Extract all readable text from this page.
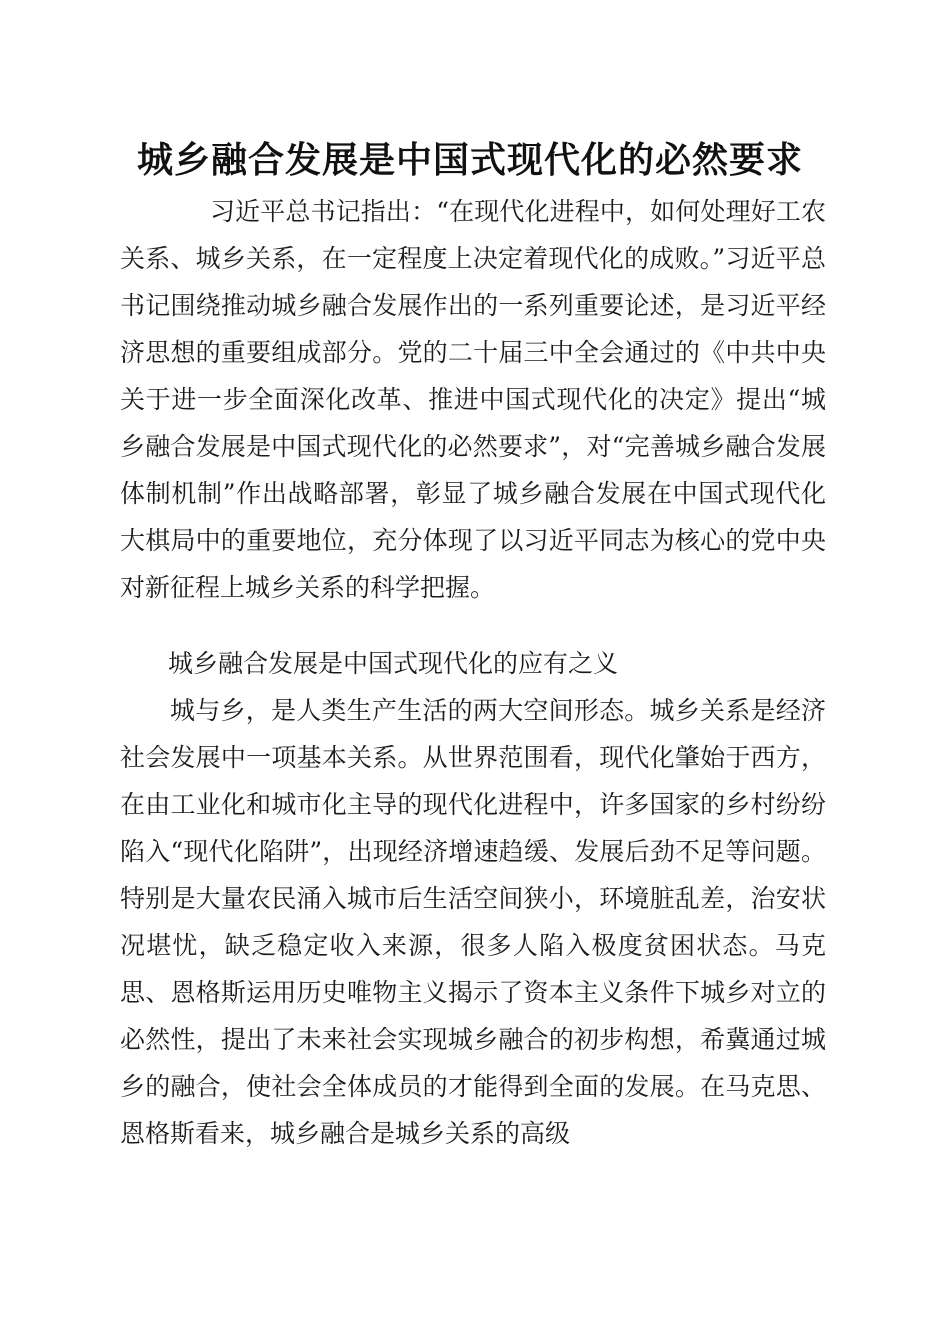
城乡融合发展是中国式现代化的必然要求

习近平总书记指出：“在现代化进程中，如何处理好工农关系、城乡关系，在一定程度上决定着现代化的成败。”习近平总书记围绕推动城乡融合发展作出的一系列重要论述，是习近平经济思想的重要组成部分。党的二十届三中全会通过的《中共中央关于进一步全面深化改革、推进中国式现代化的决定》提出“城乡融合发展是中国式现代化的必然要求”，对“完善城乡融合发展体制机制”作出战略部署，彰显了城乡融合发展在中国式现代化大棋局中的重要地位，充分体现了以习近平同志为核心的党中央对新征程上城乡关系的科学把握。

城乡融合发展是中国式现代化的应有之义

城与乡，是人类生产生活的两大空间形态。城乡关系是经济社会发展中一项基本关系。从世界范围看，现代化肇始于西方，在由工业化和城市化主导的现代化进程中，许多国家的乡村纷纷陷入“现代化陷阱”，出现经济增速趋缓、发展后劲不足等问题。特别是大量农民涌入城市后生活空间狭小，环境脏乱差，治安状况堪忧，缺乏稳定收入来源，很多人陷入极度贫困状态。马克思、恩格斯运用历史唯物主义揭示了资本主义条件下城乡对立的必然性，提出了未来社会实现城乡融合的初步构想，希冀通过城乡的融合，使社会全体成员的才能得到全面的发展。在马克思、恩格斯看来，城乡融合是城乡关系的高级
